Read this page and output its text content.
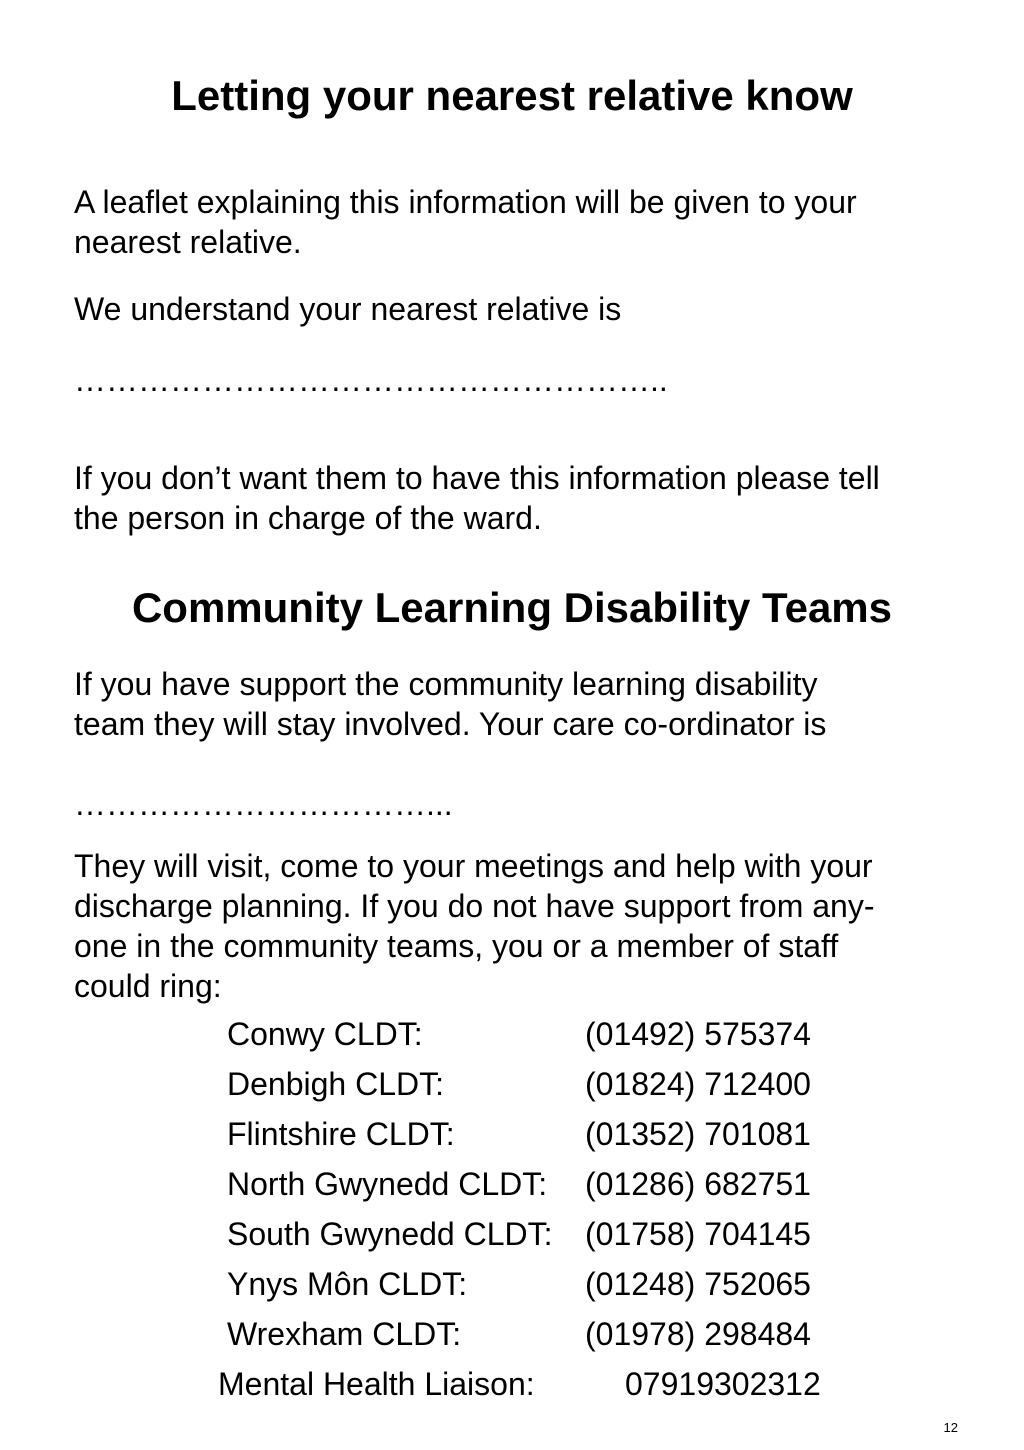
Letting your nearest relative know

A leaflet explaining this information will be given to your

nearest relative.

We understand your nearest relative is

………………………………………………..

If you don’t want them to have this information please tell

the person in charge of the ward.

Community Learning Disability Teams

If you have support the community learning disability

team they will stay involved. Your care co-ordinator is

……………………………...

They will visit, come to your meetings and help with your

discharge planning. If you do not have support from any-

one in the community teams, you or a member of staff

could ring:

Conwy CLDT:	(01492) 575374
Denbigh CLDT:	(01824) 712400
Flintshire CLDT:	(01352) 701081
North Gwynedd CLDT: (01286) 682751
South Gwynedd CLDT: (01758) 704145
Ynys Môn CLDT:	(01248) 752065
Wrexham CLDT:	(01978) 298484
Mental Health Liaison:	07919302312
12
